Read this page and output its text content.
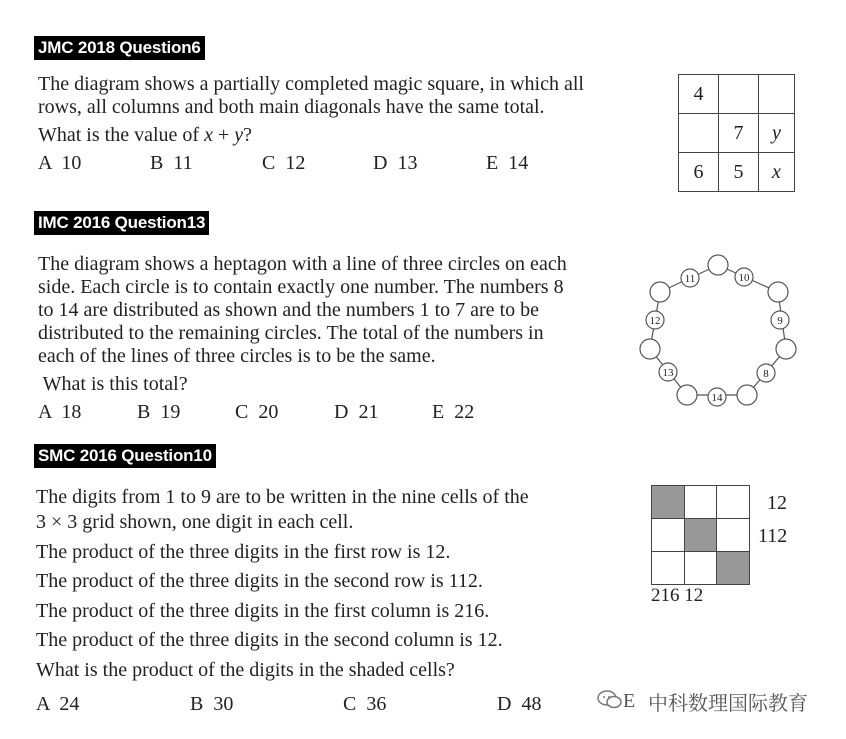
JMC 2018 Question6
The diagram shows a partially completed magic square, in which all
rows, all columns and both main diagonals have the same total.
What is the value of x + y?
A  10	B  11	C  12	D  13	E  14
4		
	7	y
6	5	x
IMC 2016 Question13
The diagram shows a heptagon with a line of three circles on each
side. Each circle is to contain exactly one number. The numbers 8
to 14 are distributed as shown and the numbers 1 to 7 are to be
distributed to the remaining circles. The total of the numbers in
each of the lines of three circles is to be the same.
What is this total?
A  18	B  19	C  20	D  21	E  22
11	10
12	9
13	8
14
SMC 2016 Question10
The digits from 1 to 9 are to be written in the nine cells of the
3 × 3 grid shown, one digit in each cell.
The product of the three digits in the first row is 12.
The product of the three digits in the second row is 112.
The product of the three digits in the first column is 216.
The product of the three digits in the second column is 12.
What is the product of the digits in the shaded cells?
A  24	B  30	C  36	D  48

12
112
216 12
E 中科数理国际教育
